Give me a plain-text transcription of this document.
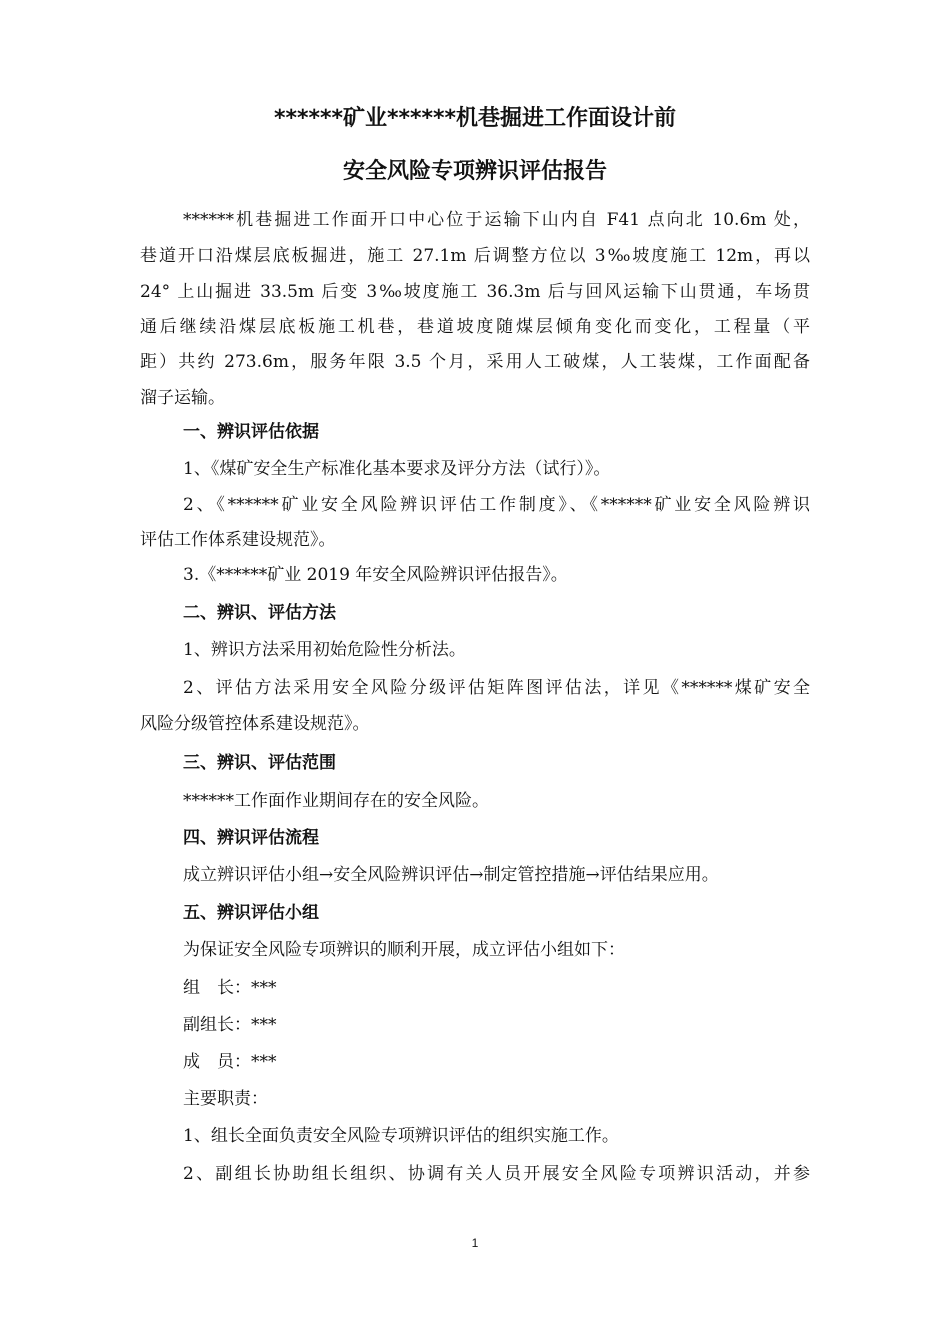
******矿业******机巷掘进工作面设计前
安全风险专项辨识评估报告

******机巷掘进工作面开口中心位于运输下山内自 F41 点向北 10.6m 处，

巷道开口沿煤层底板掘进，施工 27.1m 后调整方位以 3‰坡度施工 12m，再以

24° 上山掘进 33.5m 后变 3‰坡度施工 36.3m 后与回风运输下山贯通，车场贯

通后继续沿煤层底板施工机巷，巷道坡度随煤层倾角变化而变化，工程量（平

距）共约 273.6m，服务年限 3.5 个月，采用人工破煤，人工装煤，工作面配备

溜子运输。

一、辨识评估依据

1、《煤矿安全生产标准化基本要求及评分方法（试行）》。

2、《******矿业安全风险辨识评估工作制度》、《******矿业安全风险辨识

评估工作体系建设规范》。

3.《******矿业 2019 年安全风险辨识评估报告》。

二、辨识、评估方法

1、辨识方法采用初始危险性分析法。

2、评估方法采用安全风险分级评估矩阵图评估法，详见《******煤矿安全

风险分级管控体系建设规范》。

三、辨识、评估范围

******工作面作业期间存在的安全风险。

四、辨识评估流程

成立辨识评估小组→安全风险辨识评估→制定管控措施→评估结果应用。

五、辨识评估小组

为保证安全风险专项辨识的顺利开展，成立评估小组如下：

组　长：***

副组长：***

成　员：***

主要职责：

1、组长全面负责安全风险专项辨识评估的组织实施工作。

2、副组长协助组长组织、协调有关人员开展安全风险专项辨识活动，并参

1
